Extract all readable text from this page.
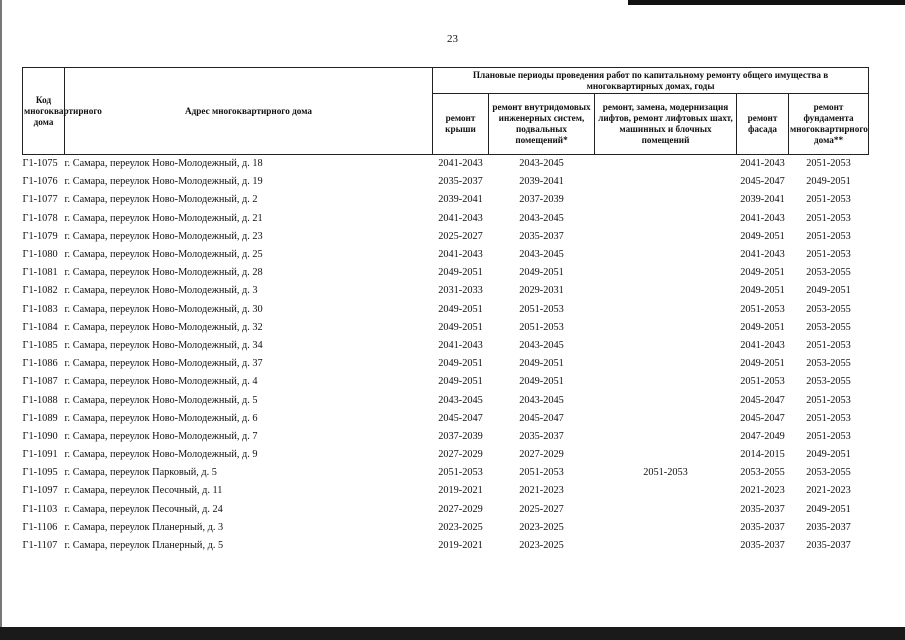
23
Код многоквартирного дома	Адрес многоквартирного дома	Плановые периоды проведения работ по капитальному ремонту общего имущества в многоквартирных домах, годы				
		ремонт крыши	ремонт внутридомовых инженерных систем, подвальных помещений*	ремонт, замена, модернизация лифтов, ремонт лифтовых шахт, машинных и блочных помещений	ремонт фасада	ремонт фундамента многоквартирного дома**
Г1-1075	г. Самара, переулок Ново-Молодежный, д. 18	2041-2043	2043-2045		2041-2043	2051-2053
Г1-1076	г. Самара, переулок Ново-Молодежный, д. 19	2035-2037	2039-2041		2045-2047	2049-2051
Г1-1077	г. Самара, переулок Ново-Молодежный, д. 2	2039-2041	2037-2039		2039-2041	2051-2053
Г1-1078	г. Самара, переулок Ново-Молодежный, д. 21	2041-2043	2043-2045		2041-2043	2051-2053
Г1-1079	г. Самара, переулок Ново-Молодежный, д. 23	2025-2027	2035-2037		2049-2051	2051-2053
Г1-1080	г. Самара, переулок Ново-Молодежный, д. 25	2041-2043	2043-2045		2041-2043	2051-2053
Г1-1081	г. Самара, переулок Ново-Молодежный, д. 28	2049-2051	2049-2051		2049-2051	2053-2055
Г1-1082	г. Самара, переулок Ново-Молодежный, д. 3	2031-2033	2029-2031		2049-2051	2049-2051
Г1-1083	г. Самара, переулок Ново-Молодежный, д. 30	2049-2051	2051-2053		2051-2053	2053-2055
Г1-1084	г. Самара, переулок Ново-Молодежный, д. 32	2049-2051	2051-2053		2049-2051	2053-2055
Г1-1085	г. Самара, переулок Ново-Молодежный, д. 34	2041-2043	2043-2045		2041-2043	2051-2053
Г1-1086	г. Самара, переулок Ново-Молодежный, д. 37	2049-2051	2049-2051		2049-2051	2053-2055
Г1-1087	г. Самара, переулок Ново-Молодежный, д. 4	2049-2051	2049-2051		2051-2053	2053-2055
Г1-1088	г. Самара, переулок Ново-Молодежный, д. 5	2043-2045	2043-2045		2045-2047	2051-2053
Г1-1089	г. Самара, переулок Ново-Молодежный, д. 6	2045-2047	2045-2047		2045-2047	2051-2053
Г1-1090	г. Самара, переулок Ново-Молодежный, д. 7	2037-2039	2035-2037		2047-2049	2051-2053
Г1-1091	г. Самара, переулок Ново-Молодежный, д. 9	2027-2029	2027-2029		2014-2015	2049-2051
Г1-1095	г. Самара, переулок Парковый, д. 5	2051-2053	2051-2053	2051-2053	2053-2055	2053-2055
Г1-1097	г. Самара, переулок Песочный, д. 11	2019-2021	2021-2023		2021-2023	2021-2023
Г1-1103	г. Самара, переулок Песочный, д. 24	2027-2029	2025-2027		2035-2037	2049-2051
Г1-1106	г. Самара, переулок Планерный, д. 3	2023-2025	2023-2025		2035-2037	2035-2037
Г1-1107	г. Самара, переулок Планерный, д. 5	2019-2021	2023-2025		2035-2037	2035-2037
